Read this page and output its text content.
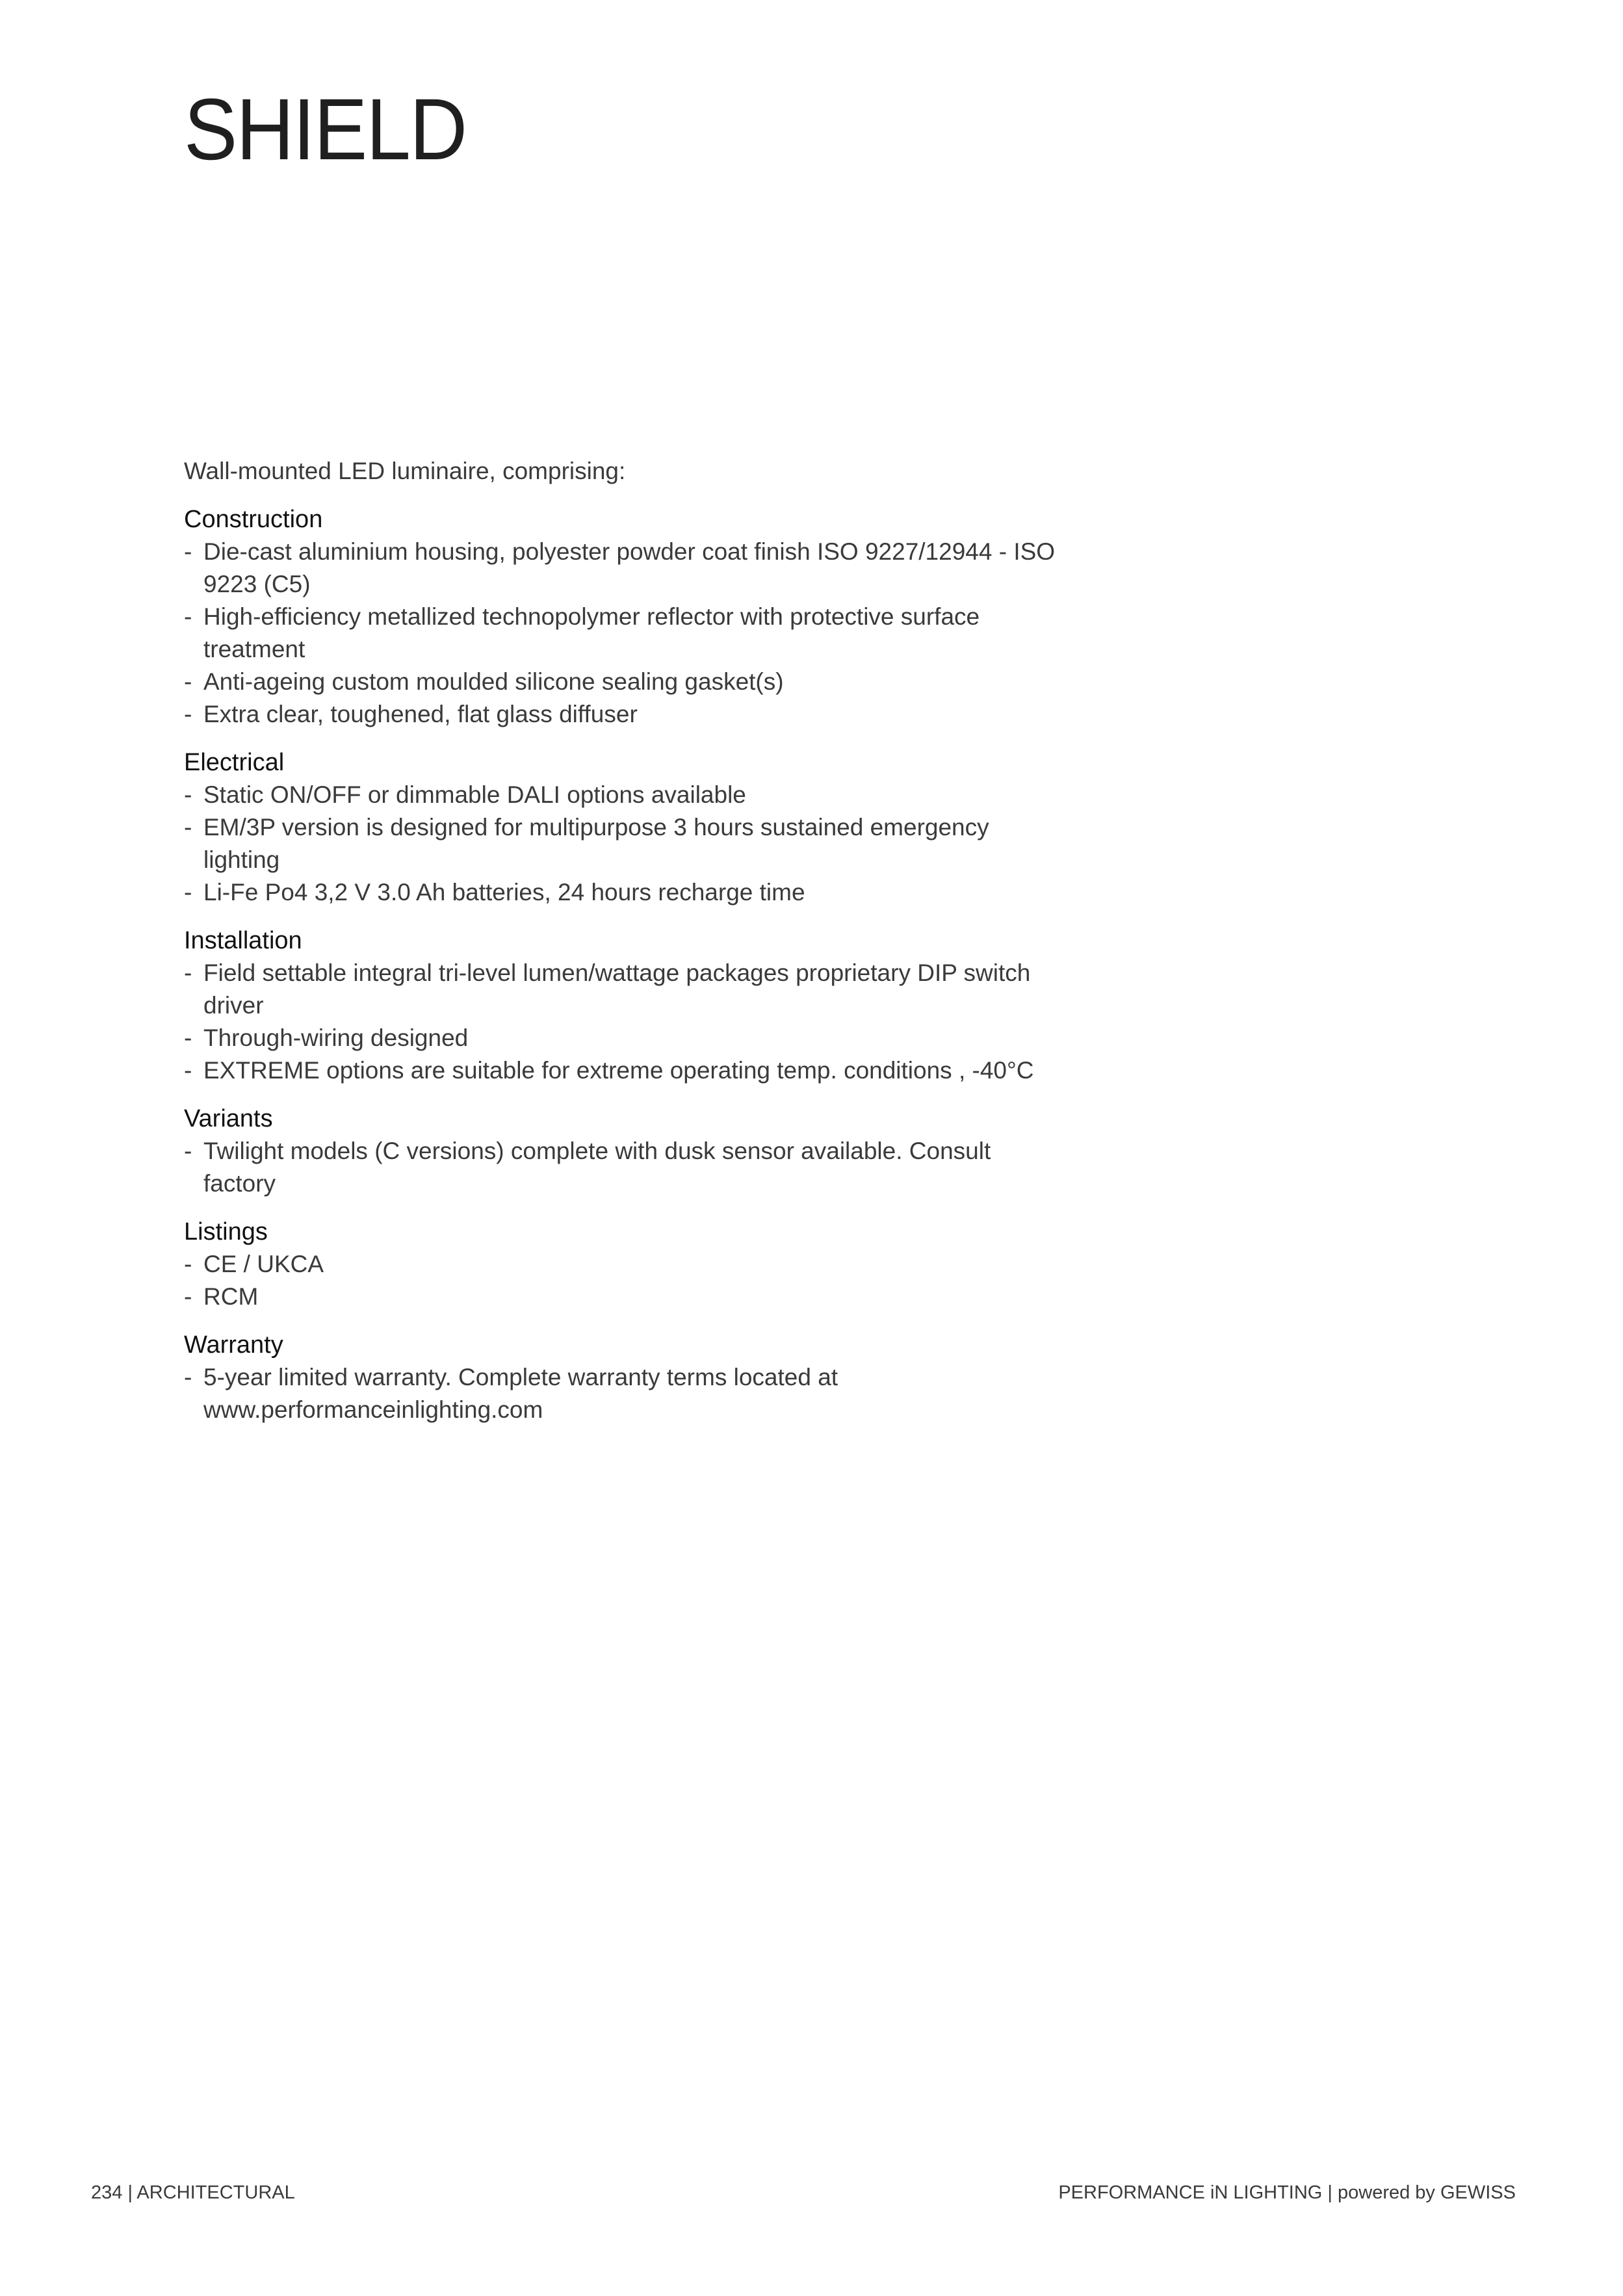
SHIELD

Wall-mounted LED luminaire, comprising:

Construction
- Die-cast aluminium housing, polyester powder coat finish ISO 9227/12944 - ISO 9223 (C5)
- High-efficiency metallized technopolymer reflector with protective surface treatment
- Anti-ageing custom moulded silicone sealing gasket(s)
- Extra clear, toughened, flat glass diffuser
Electrical
- Static ON/OFF or dimmable DALI options available
- EM/3P version is designed for multipurpose 3 hours sustained emergency lighting
- Li-Fe Po4 3,2 V 3.0 Ah batteries, 24 hours recharge time
Installation
- Field settable integral tri-level lumen/wattage packages proprietary DIP switch driver
- Through-wiring designed
- EXTREME options are suitable for extreme operating temp. conditions , -40°C
Variants
- Twilight models (C versions) complete with dusk sensor available. Consult factory
Listings
- CE / UKCA
- RCM
Warranty
- 5-year limited warranty. Complete warranty terms located at www.performanceinlighting.com
234 | ARCHITECTURAL	PERFORMANCE iN LIGHTING | powered by GEWISS
